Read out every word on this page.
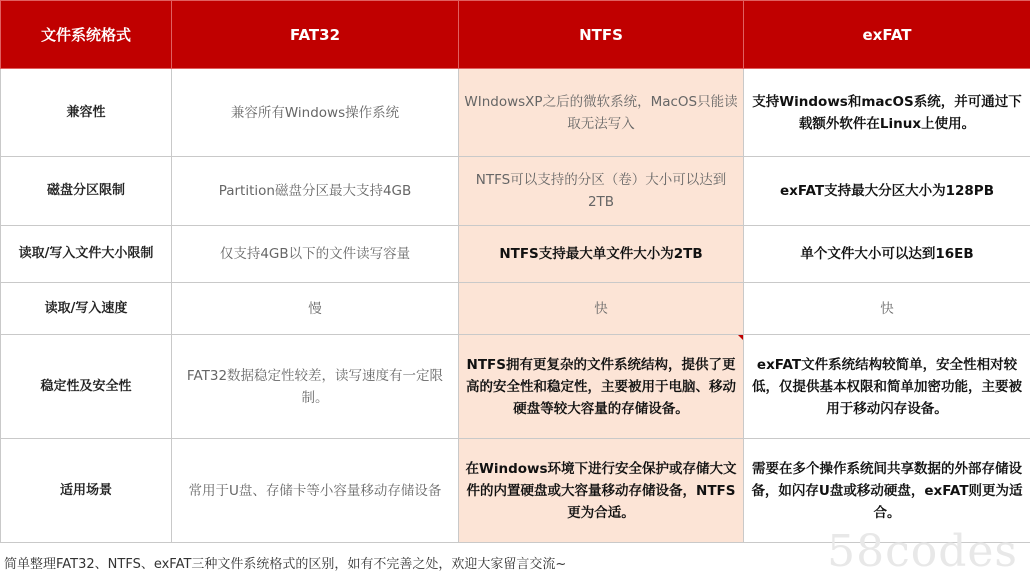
文件系统格式	FAT32	NTFS	exFAT
兼容性	兼容所有Windows操作系统	WIndowsXP之后的微软系统，MacOS只能读取无法写入	支持Windows和macOS系统，并可通过下载额外软件在Linux上使用。
磁盘分区限制	Partition磁盘分区最大支持4GB	NTFS可以支持的分区（卷）大小可以达到2TB	exFAT支持最大分区大小为128PB
读取/写入文件大小限制	仅支持4GB以下的文件读写容量	NTFS支持最大单文件大小为2TB	单个文件大小可以达到16EB
读取/写入速度	慢	快	快
稳定性及安全性	FAT32数据稳定性较差，读写速度有一定限制。	NTFS拥有更复杂的文件系统结构，提供了更高的安全性和稳定性，主要被用于电脑、移动硬盘等较大容量的存储设备。	exFAT文件系统结构较简单，安全性相对较低，仅提供基本权限和简单加密功能，主要被用于移动闪存设备。
适用场景	常用于U盘、存储卡等小容量移动存储设备	在Windows环境下进行安全保护或存储大文件的内置硬盘或大容量移动存储设备，NTFS更为合适。	需要在多个操作系统间共享数据的外部存储设备，如闪存U盘或移动硬盘，exFAT则更为适合。
58codes
简单整理FAT32、NTFS、exFAT三种文件系统格式的区别，如有不完善之处，欢迎大家留言交流~
